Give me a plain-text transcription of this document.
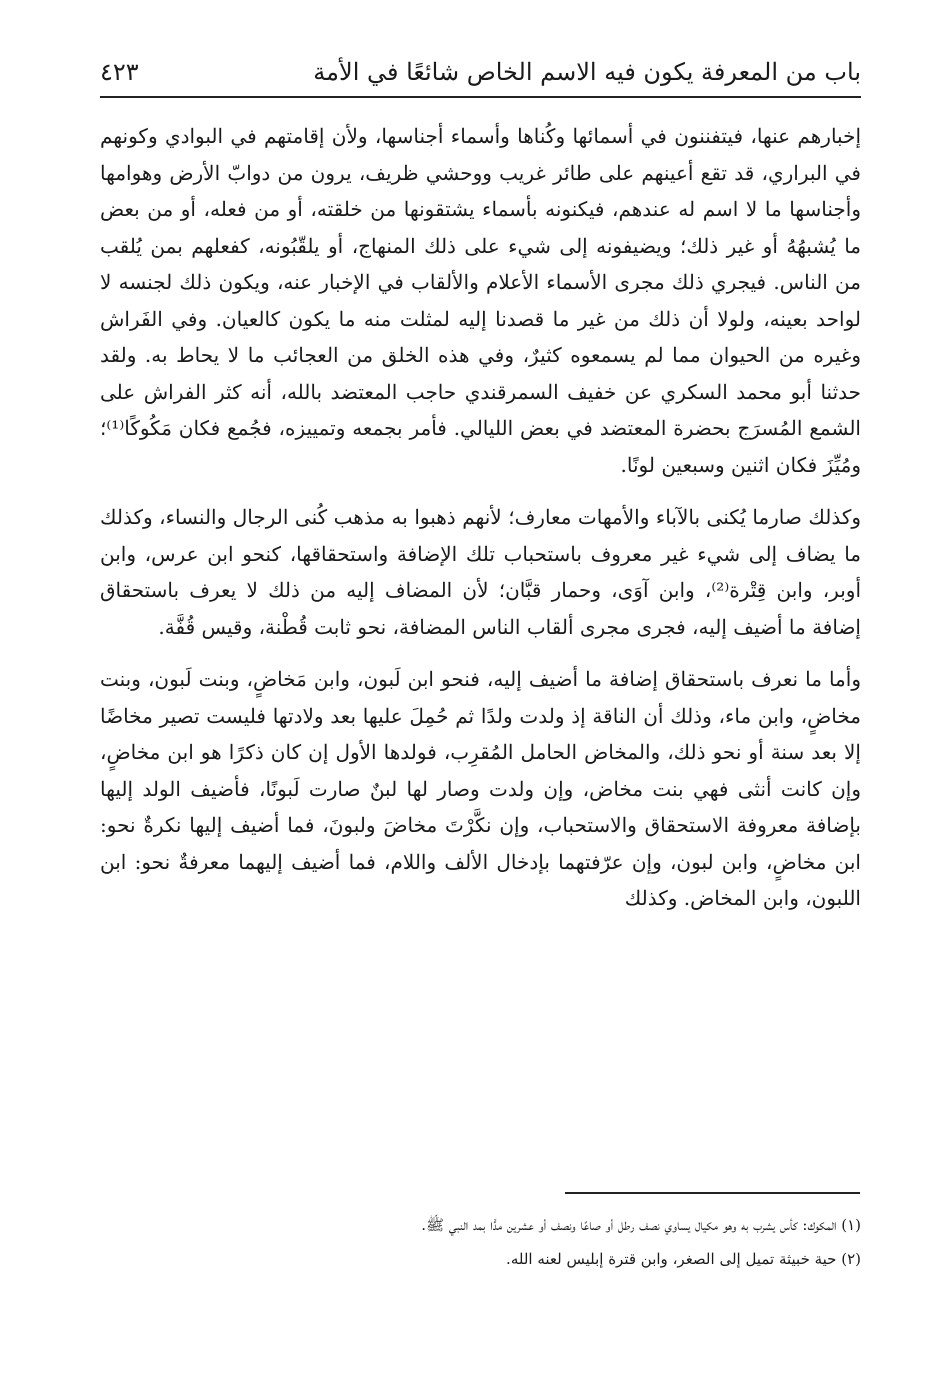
باب من المعرفة يكون فيه الاسم الخاص شائعًا في الأمة
٤٢٣

إخبارهم عنها، فيتفننون في أسمائها وكُناها وأسماء أجناسها، ولأن إقامتهم في البوادي وكونهم في البراري، قد تقع أعينهم على طائر غريب ووحشي ظريف، يرون من دوابّ الأرض وهوامها وأجناسها ما لا اسم له عندهم، فيكنونه بأسماء يشتقونها من خلقته، أو من فعله، أو من بعض ما يُشبهُهُ أو غير ذلك؛ ويضيفونه إلى شيء على ذلك المنهاج، أو يلقّبُونه، كفعلهم بمن يُلقب من الناس. فيجري ذلك مجرى الأسماء الأعلام والألقاب في الإخبار عنه، ويكون ذلك لجنسه لا لواحد بعينه، ولولا أن ذلك من غير ما قصدنا إليه لمثلت منه ما يكون كالعيان. وفي الفَراش وغيره من الحيوان مما لم يسمعوه كثيرٌ، وفي هذه الخلق من العجائب ما لا يحاط به. ولقد حدثنا أبو محمد السكري عن خفيف السمرقندي حاجب المعتضد بالله، أنه كثر الفراش على الشمع المُسرَج بحضرة المعتضد في بعض الليالي. فأمر بجمعه وتمييزه، فجُمع فكان مَكُوكًا⁽¹⁾؛ ومُيِّزَ فكان اثنين وسبعين لونًا.

وكذلك صارما يُكنى بالآباء والأمهات معارف؛ لأنهم ذهبوا به مذهب كُنى الرجال والنساء، وكذلك ما يضاف إلى شيء غير معروف باستحباب تلك الإضافة واستحقاقها، كنحو ابن عرس، وابن أوبر، وابن قِتْرة⁽²⁾، وابن آوَى، وحمار قبَّان؛ لأن المضاف إليه من ذلك لا يعرف باستحقاق إضافة ما أضيف إليه، فجرى مجرى ألقاب الناس المضافة، نحو ثابت قُطْنة، وقيس قُفَّة.

وأما ما نعرف باستحقاق إضافة ما أضيف إليه، فنحو ابن لَبون، وابن مَخاضٍ، وبنت لَبون، وبنت مخاضٍ، وابن ماء، وذلك أن الناقة إذ ولدت ولدًا ثم حُمِلَ عليها بعد ولادتها فليست تصير مخاضًا إلا بعد سنة أو نحو ذلك، والمخاض الحامل المُقرِب، فولدها الأول إن كان ذكرًا هو ابن مخاضٍ، وإن كانت أنثى فهي بنت مخاض، وإن ولدت وصار لها لبنٌ صارت لَبونًا، فأضيف الولد إليها بإضافة معروفة الاستحقاق والاستحباب، وإن نكَّرْتَ مخاضَ ولبونَ، فما أضيف إليها نكرةٌ نحو: ابن مخاضٍ، وابن لبون، وإن عرّفتهما بإدخال الألف واللام، فما أضيف إليهما معرفةٌ نحو: ابن اللبون، وابن المخاض. وكذلك

(١) المكوك: كأس يشرب به وهو مكيال يساوي نصف رطل أو صاعًا ونصف أو عشرين مدًّا بمد النبي ﷺ.

(٢) حية خبيثة تميل إلى الصغر، وابن قترة إبليس لعنه الله.
